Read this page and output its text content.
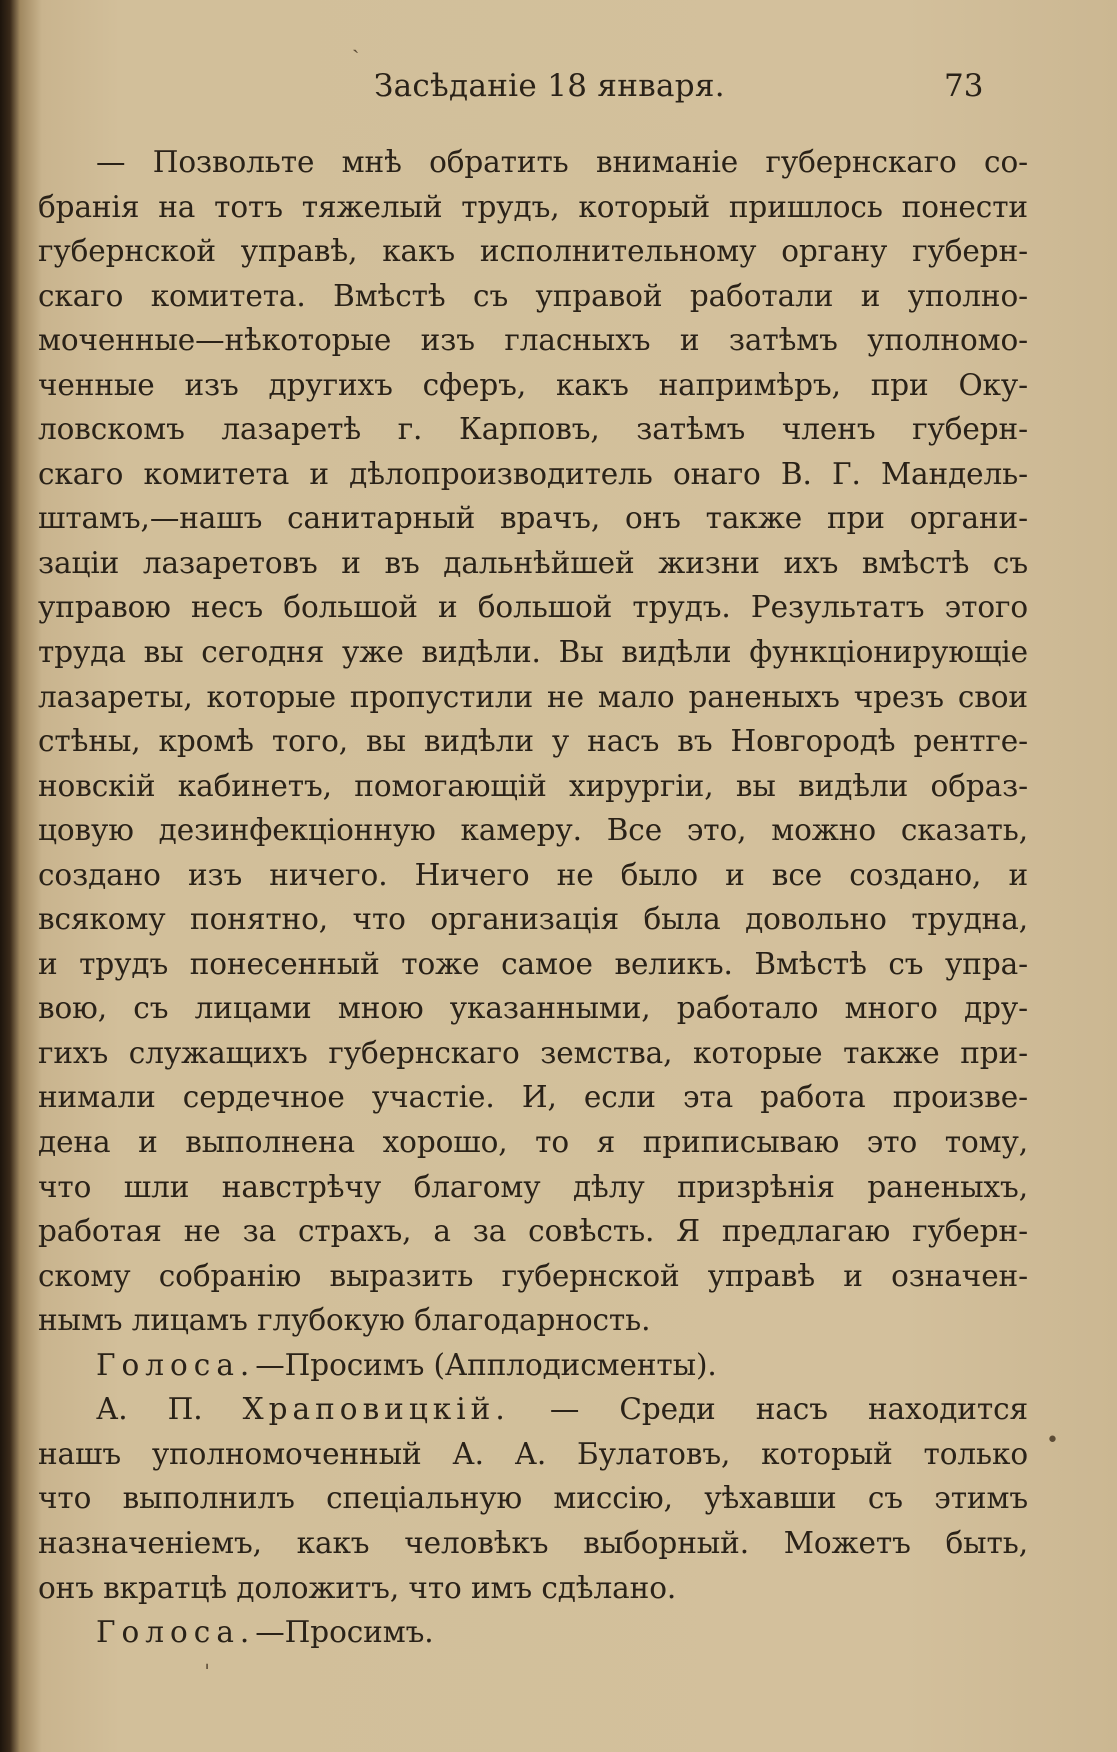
Засѣданіе 18 января.	73
— Позвольте мнѣ обратить вниманіе губернскаго со-
бранія на тотъ тяжелый трудъ, который пришлось понести
губернской управѣ, какъ исполнительному органу губерн-
скаго комитета. Вмѣстѣ съ управой работали и уполно-
моченные—нѣкоторые изъ гласныхъ и затѣмъ уполномо-
ченные изъ другихъ сферъ, какъ напримѣръ, при Оку-
ловскомъ лазаретѣ г. Карповъ, затѣмъ членъ губерн-
скаго комитета и дѣлопроизводитель онаго В. Г. Мандель-
штамъ,—нашъ санитарный врачъ, онъ также при органи-
заціи лазаретовъ и въ дальнѣйшей жизни ихъ вмѣстѣ съ
управою несъ большой и большой трудъ. Результатъ этого
труда вы сегодня уже видѣли. Вы видѣли функціонирующіе
лазареты, которые пропустили не мало раненыхъ чрезъ свои
стѣны, кромѣ того, вы видѣли у насъ въ Новгородѣ рентге-
новскій кабинетъ, помогающій хирургіи, вы видѣли образ-
цовую дезинфекціонную камеру. Все это, можно сказать,
создано изъ ничего. Ничего не было и все создано, и
всякому понятно, что организація была довольно трудна,
и трудъ понесенный тоже самое великъ. Вмѣстѣ съ упра-
вою, съ лицами мною указанными, работало много дру-
гихъ служащихъ губернскаго земства, которые также при-
нимали сердечное участіе. И, если эта работа произве-
дена и выполнена хорошо, то я приписываю это тому,
что шли навстрѣчу благому дѣлу призрѣнія раненыхъ,
работая не за страхъ, а за совѣсть. Я предлагаю губерн-
скому собранію выразить губернской управѣ и означен-
нымъ лицамъ глубокую благодарность.
Голоса.—Просимъ (Апплодисменты).
А. П. Храповицкій. — Среди насъ находится
нашъ уполномоченный А. А. Булатовъ, который только
что выполнилъ спеціальную миссію, уѣхавши съ этимъ
назначеніемъ, какъ человѣкъ выборный. Можетъ быть,
онъ вкратцѣ доложитъ, что имъ сдѣлано.
Голоса.—Просимъ.
ˎ
•
ˈ
